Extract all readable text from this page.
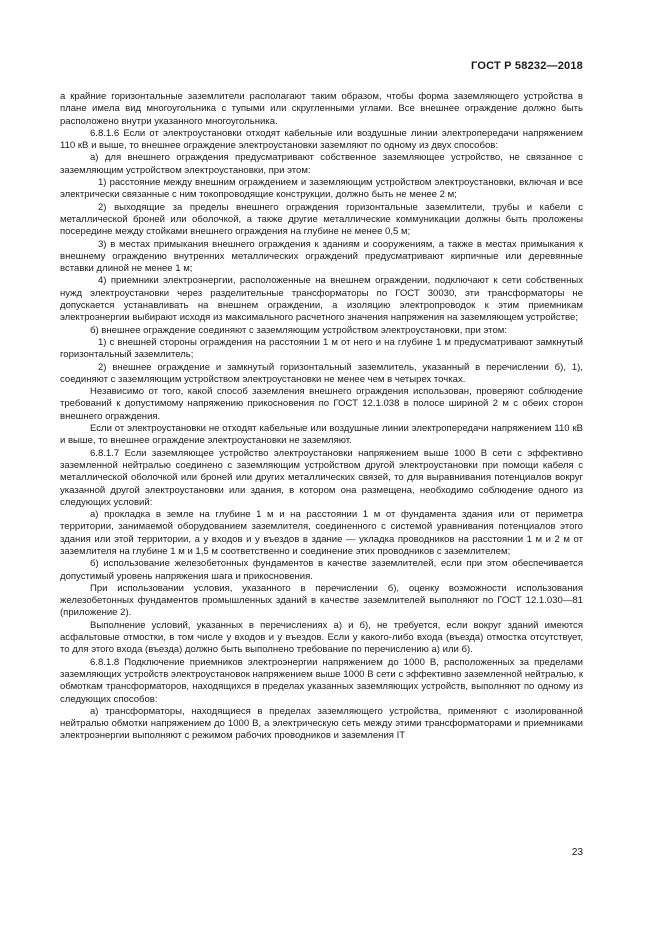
ГОСТ Р 58232—2018

а крайние горизонтальные заземлители располагают таким образом, чтобы форма заземляющего устройства в плане имела вид многоугольника с тупыми или скругленными углами. Все внешнее ограждение должно быть расположено внутри указанного многоугольника.

6.8.1.6 Если от электроустановки отходят кабельные или воздушные линии электропередачи напряжением 110 кВ и выше, то внешнее ограждение электроустановки заземляют по одному из двух способов:

а) для внешнего ограждения предусматривают собственное заземляющее устройство, не связанное с заземляющим устройством электроустановки, при этом:

1) расстояние между внешним ограждением и заземляющим устройством электроустановки, включая и все электрически связанные с ним токопроводящие конструкции, должно быть не менее 2 м;

2) выходящие за пределы внешнего ограждения горизонтальные заземлители, трубы и кабели с металлической броней или оболочкой, а также другие металлические коммуникации должны быть проложены посередине между стойками внешнего ограждения на глубине не менее 0,5 м;

3) в местах примыкания внешнего ограждения к зданиям и сооружениям, а также в местах примыкания к внешнему ограждению внутренних металлических ограждений предусматривают кирпичные или деревянные вставки длиной не менее 1 м;

4) приемники электроэнергии, расположенные на внешнем ограждении, подключают к сети собственных нужд электроустановки через разделительные трансформаторы по ГОСТ 30030, эти трансформаторы не допускается устанавливать на внешнем ограждении, а изоляцию электропроводок к этим приемникам электроэнергии выбирают исходя из максимального расчетного значения напряжения на заземляющем устройстве;

б) внешнее ограждение соединяют с заземляющим устройством электроустановки, при этом:

1) с внешней стороны ограждения на расстоянии 1 м от него и на глубине 1 м предусматривают замкнутый горизонтальный заземлитель;

2) внешнее ограждение и замкнутый горизонтальный заземлитель, указанный в перечислении б), 1), соединяют с заземляющим устройством электроустановки не менее чем в четырех точках.

Независимо от того, какой способ заземления внешнего ограждения использован, проверяют соблюдение требований к допустимому напряжению прикосновения по ГОСТ 12.1.038 в полосе шириной 2 м с обеих сторон внешнего ограждения.

Если от электроустановки не отходят кабельные или воздушные линии электропередачи напряжением 110 кВ и выше, то внешнее ограждение электроустановки не заземляют.

6.8.1.7 Если заземляющее устройство электроустановки напряжением выше 1000 В сети с эффективно заземленной нейтралью соединено с заземляющим устройством другой электроустановки при помощи кабеля с металлической оболочкой или броней или других металлических связей, то для выравнивания потенциалов вокруг указанной другой электроустановки или здания, в котором она размещена, необходимо соблюдение одного из следующих условий:

а) прокладка в земле на глубине 1 м и на расстоянии 1 м от фундамента здания или от периметра территории, занимаемой оборудованием заземлителя, соединенного с системой уравнивания потенциалов этого здания или этой территории, а у входов и у въездов в здание — укладка проводников на расстоянии 1 м и 2 м от заземлителя на глубине 1 м и 1,5 м соответственно и соединение этих проводников с заземлителем;

б) использование железобетонных фундаментов в качестве заземлителей, если при этом обеспечивается допустимый уровень напряжения шага и прикосновения.

При использовании условия, указанного в перечислении б), оценку возможности использования железобетонных фундаментов промышленных зданий в качестве заземлителей выполняют по ГОСТ 12.1.030—81 (приложение 2).

Выполнение условий, указанных в перечислениях а) и б), не требуется, если вокруг зданий имеются асфальтовые отмостки, в том числе у входов и у въездов. Если у какого-либо входа (въезда) отмостка отсутствует, то для этого входа (въезда) должно быть выполнено требование по перечислению а) или б).

6.8.1.8 Подключение приемников электроэнергии напряжением до 1000 В, расположенных за пределами заземляющих устройств электроустановок напряжением выше 1000 В сети с эффективно заземленной нейтралью, к обмоткам трансформаторов, находящихся в пределах указанных заземляющих устройств, выполняют по одному из следующих способов:

а) трансформаторы, находящиеся в пределах заземляющего устройства, применяют с изолированной нейтралью обмотки напряжением до 1000 В, а электрическую сеть между этими трансформаторами и приемниками электроэнергии выполняют с режимом рабочих проводников и заземления IT

23
